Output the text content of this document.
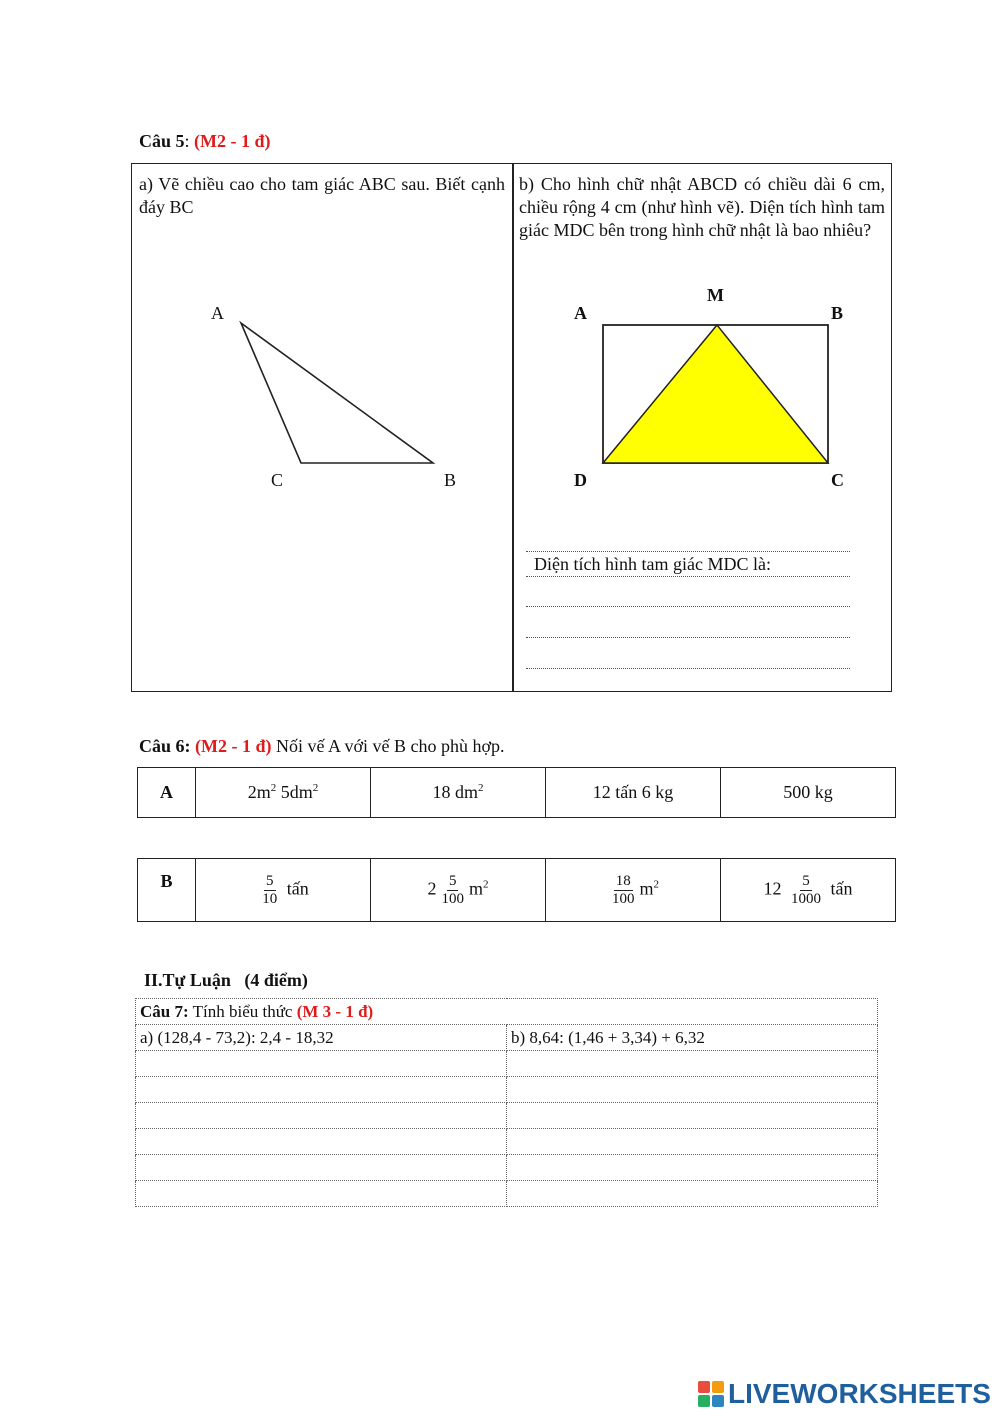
Câu 5: (M2 - 1 đ)
a) Vẽ chiều cao cho tam giác ABC sau. Biết cạnh đáy BC
b) Cho hình chữ nhật ABCD có chiều dài 6 cm, chiều rộng 4 cm (như hình vẽ). Diện tích hình tam giác MDC bên trong hình chữ nhật là bao nhiêu?
A
C	B
A
M
B
D	C
Diện tích hình tam giác MDC là:
Câu 6: (M2 - 1 đ) Nối vế A với vế B cho phù hợp.
A	$2m^2$ $5dm^2$	18 $dm^2$	12 tấn 6 kg	500 kg
B	$\frac{5}{10}$ tấn	$2 \frac{5}{100} m^2$	$\frac{18}{100} m^2$	$12 \frac{5}{1000}$ tấn
II.Tự Luận (4 điểm)
Câu 7: Tính biểu thức (M 3 - 1 đ)	
a) (128,4 - 73,2): 2,4 - 18,32	b) 8,64: (1,46 + 3,34) + 6,32

LIVEWORKSHEETS
